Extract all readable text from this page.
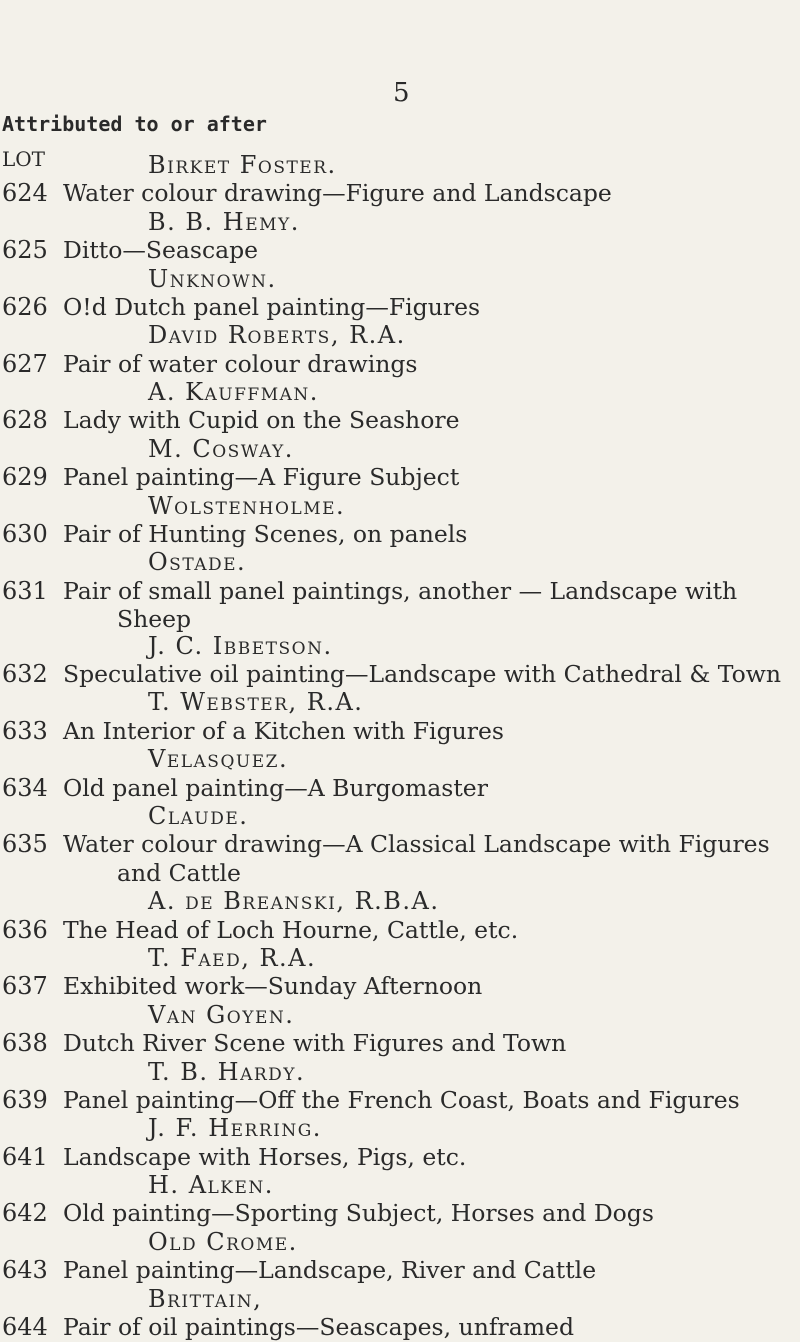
5
Attributed to or after
LOT	Birket Foster.
624 Water colour drawing—Figure and Landscape
B. B. Hemy.
625 Ditto—Seascape
Unknown.
626 O!d Dutch panel painting—Figures
David Roberts, R.A.
627 Pair of water colour drawings
A. Kauffman.
628 Lady with Cupid on the Seashore
M. Cosway.
629 Panel painting—A Figure Subject
Wolstenholme.
630 Pair of Hunting Scenes, on panels
Ostade.
631 Pair of small panel paintings, another — Landscape with
Sheep
J. C. Ibbetson.
632 Speculative oil painting—Landscape with Cathedral & Town
T. Webster, R.A.
633 An Interior of a Kitchen with Figures
Velasquez.
634 Old panel painting—A Burgomaster
Claude.
635 Water colour drawing—A Classical Landscape with Figures
and Cattle
A. de Breanski, R.B.A.
636 The Head of Loch Hourne, Cattle, etc.
T. Faed, R.A.
637 Exhibited work—Sunday Afternoon
Van Goyen.
638 Dutch River Scene with Figures and Town
T. B. Hardy.
639 Panel painting—Off the French Coast, Boats and Figures
J. F. Herring.
641 Landscape with Horses, Pigs, etc.
H. Alken.
642 Old painting—Sporting Subject, Horses and Dogs
Old Crome.
643 Panel painting—Landscape, River and Cattle
Brittain,
644 Pair of oil paintings—Seascapes, unframed
